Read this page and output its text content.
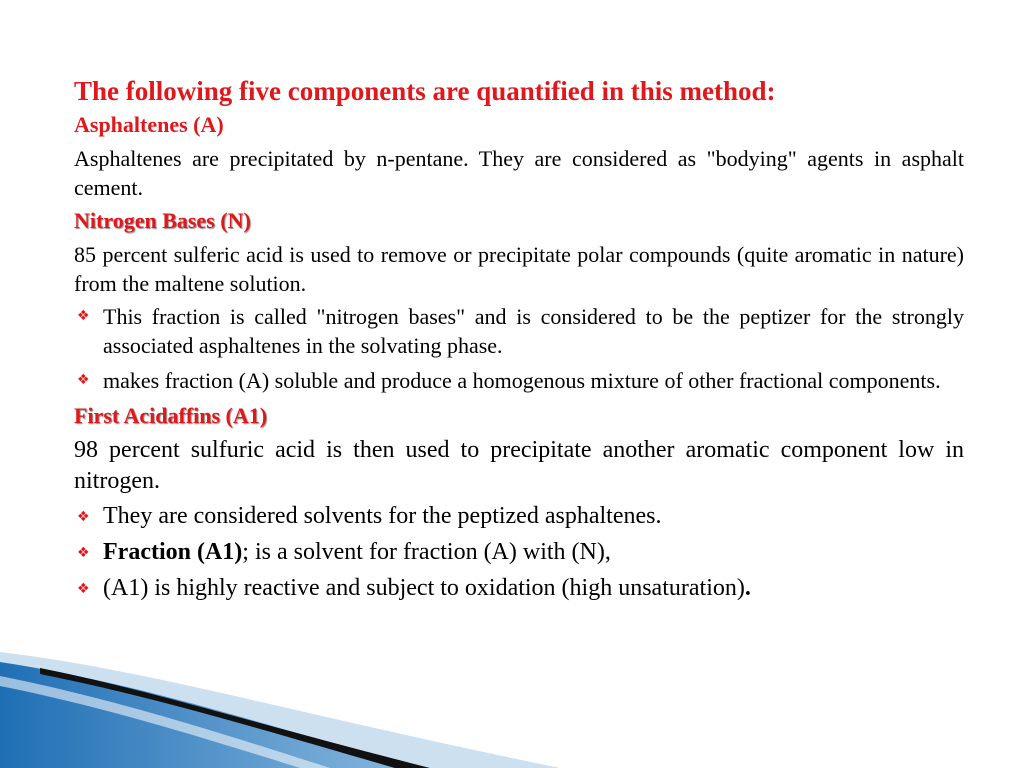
The following five components are quantified in this method:
Asphaltenes (A)
Asphaltenes are precipitated by n-pentane. They are considered as "bodying" agents in asphalt cement.
Nitrogen Bases (N)
85 percent sulferic acid is used to remove or precipitate polar compounds (quite aromatic in nature) from the maltene solution.
❖ This fraction is called "nitrogen bases" and is considered to be the peptizer for the strongly associated asphaltenes in the solvating phase.
❖ makes fraction (A) soluble and produce a homogenous mixture of other fractional components.
First Acidaffins (A1)
98 percent sulfuric acid is then used to precipitate another aromatic component low in nitrogen.
❖ They are considered solvents for the peptized asphaltenes.
❖ Fraction (A1); is a solvent for fraction (A) with (N),
❖ (A1) is highly reactive and subject to oxidation (high unsaturation).
